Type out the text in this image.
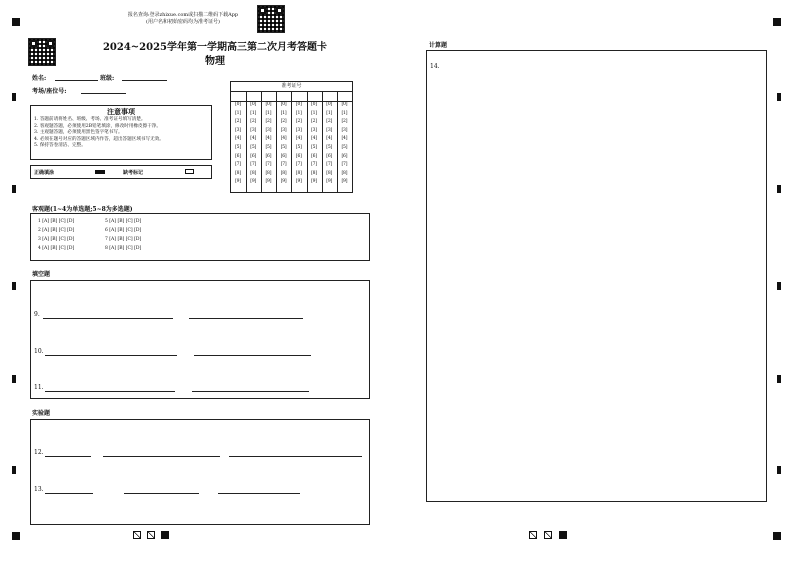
报名查询:登录zhixue.com或扫描二维码下载App
(用户名和初始密码均为准考证号)
2024~2025学年第一学期高三第二次月考答题卡
物理
姓名:	班级:
考场/座位号:
注意事项
1. 答题前请将姓名、班级、考场、准考证号填写清楚。
2. 客观题答题，必须使用2B铅笔填涂，修改时用橡皮擦干净。
3. 主观题答题，必须使用黑色签字笔书写。
4. 必须在题号对应的答题区域内作答，超出答题区域书写无效。
5. 保持答卷清洁、完整。
正确填涂	缺考标记
准考证号
[0]
[1]
[2]
[3]
[4]
[5]
[6]
[7]
[8]
[9]
[0]
[1]
[2]
[3]
[4]
[5]
[6]
[7]
[8]
[9]
[0]
[1]
[2]
[3]
[4]
[5]
[6]
[7]
[8]
[9]
[0]
[1]
[2]
[3]
[4]
[5]
[6]
[7]
[8]
[9]
[0]
[1]
[2]
[3]
[4]
[5]
[6]
[7]
[8]
[9]
[0]
[1]
[2]
[3]
[4]
[5]
[6]
[7]
[8]
[9]
[0]
[1]
[2]
[3]
[4]
[5]
[6]
[7]
[8]
[9]
[0]
[1]
[2]
[3]
[4]
[5]
[6]
[7]
[8]
[9]
客观题(1~4为单选题;5~8为多选题)
1 [A] [B] [C] [D]
2 [A] [B] [C] [D]
3 [A] [B] [C] [D]
4 [A] [B] [C] [D]
5 [A] [B] [C] [D]
6 [A] [B] [C] [D]
7 [A] [B] [C] [D]
8 [A] [B] [C] [D]
填空题
9.
10.
11.
实验题
12.
13.
计算题
14.
